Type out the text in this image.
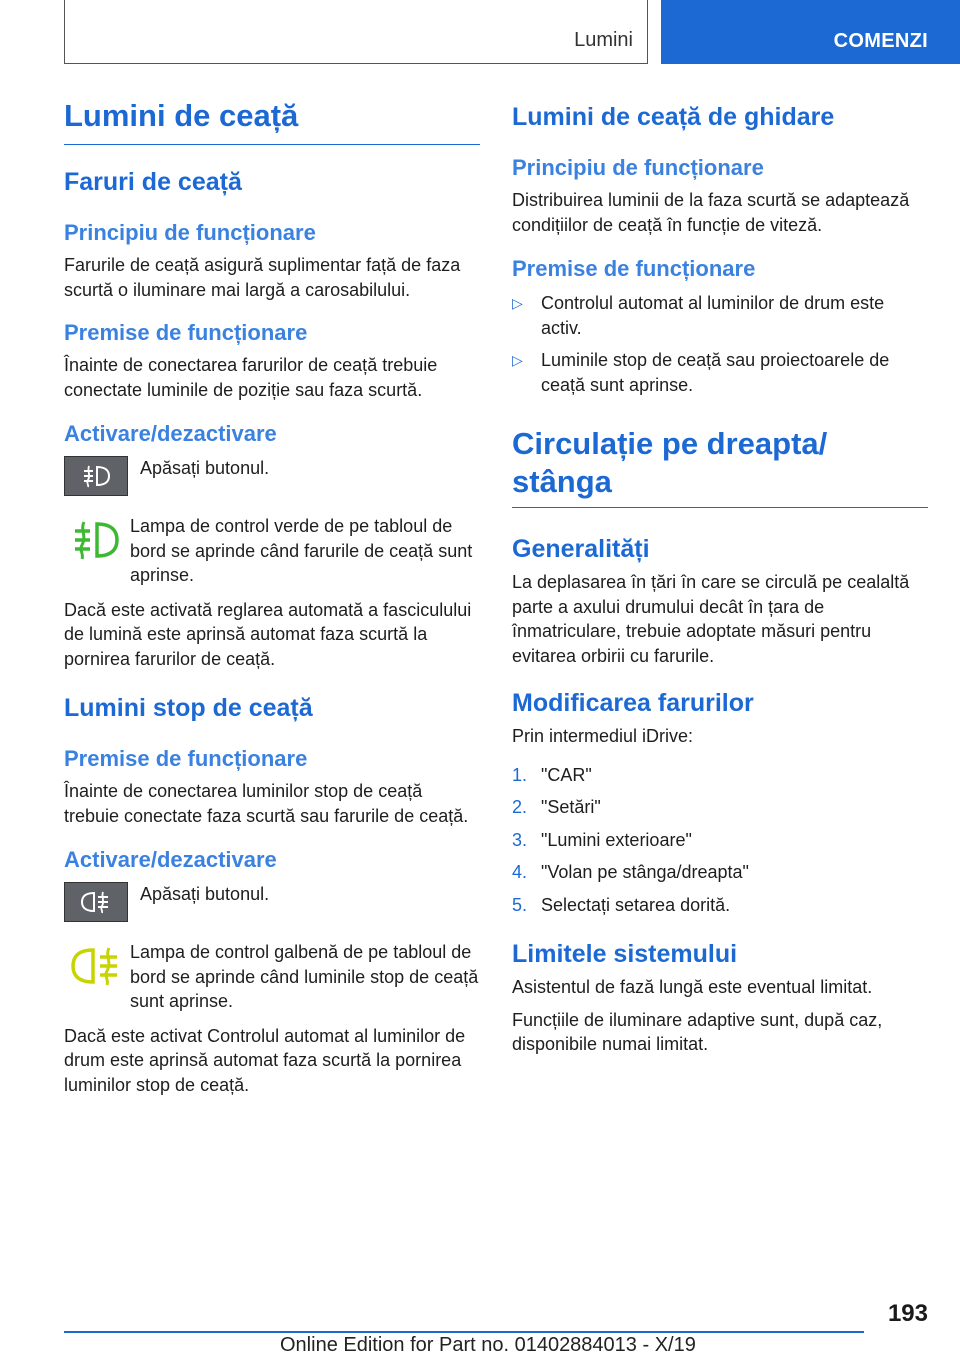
Lumini	COMENZI
Lumini de ceață
Faruri de ceață
Principiu de funcționare

Farurile de ceață asigură suplimentar față de faza scurtă o iluminare mai largă a carosabilului.

Premise de funcționare

Înainte de conectarea farurilor de ceață trebuie conectate luminile de poziție sau faza scurtă.

Activare/dezactivare

Apăsați butonul.

Lampa de control verde de pe tabloul de bord se aprinde când farurile de ceață sunt aprinse.

Dacă este activată reglarea automată a fasciculului de lumină este aprinsă automat faza scurtă la pornirea farurilor de ceață.

Lumini stop de ceață
Premise de funcționare

Înainte de conectarea luminilor stop de ceață trebuie conectate faza scurtă sau farurile de ceață.

Activare/dezactivare

Apăsați butonul.

Lampa de control galbenă de pe tabloul de bord se aprinde când luminile stop de ceață sunt aprinse.

Dacă este activat Controlul automat al luminilor de drum este aprinsă automat faza scurtă la pornirea luminilor stop de ceață.

Lumini de ceață de ghidare
Principiu de funcționare

Distribuirea luminii de la faza scurtă se adaptează condițiilor de ceață în funcție de viteză.

Premise de funcționare
▷	Controlul automat al luminilor de drum este activ.

▷	Luminile stop de ceață sau proiectoarele de ceață sunt aprinse.

Circulație pe dreapta/ stânga
Generalități

La deplasarea în țări în care se circulă pe cealaltă parte a axului drumului decât în țara de înmatriculare, trebuie adoptate măsuri pentru evitarea orbirii cu farurile.

Modificarea farurilor

Prin intermediul iDrive:

1. "CAR"

2. "Setări"

3. "Lumini exterioare"

4. "Volan pe stânga/dreapta"

5. Selectați setarea dorită.

Limitele sistemului

Asistentul de fază lungă este eventual limitat.

Funcțiile de iluminare adaptive sunt, după caz, disponibile numai limitat.

193
Online Edition for Part no. 01402884013 - X/19
